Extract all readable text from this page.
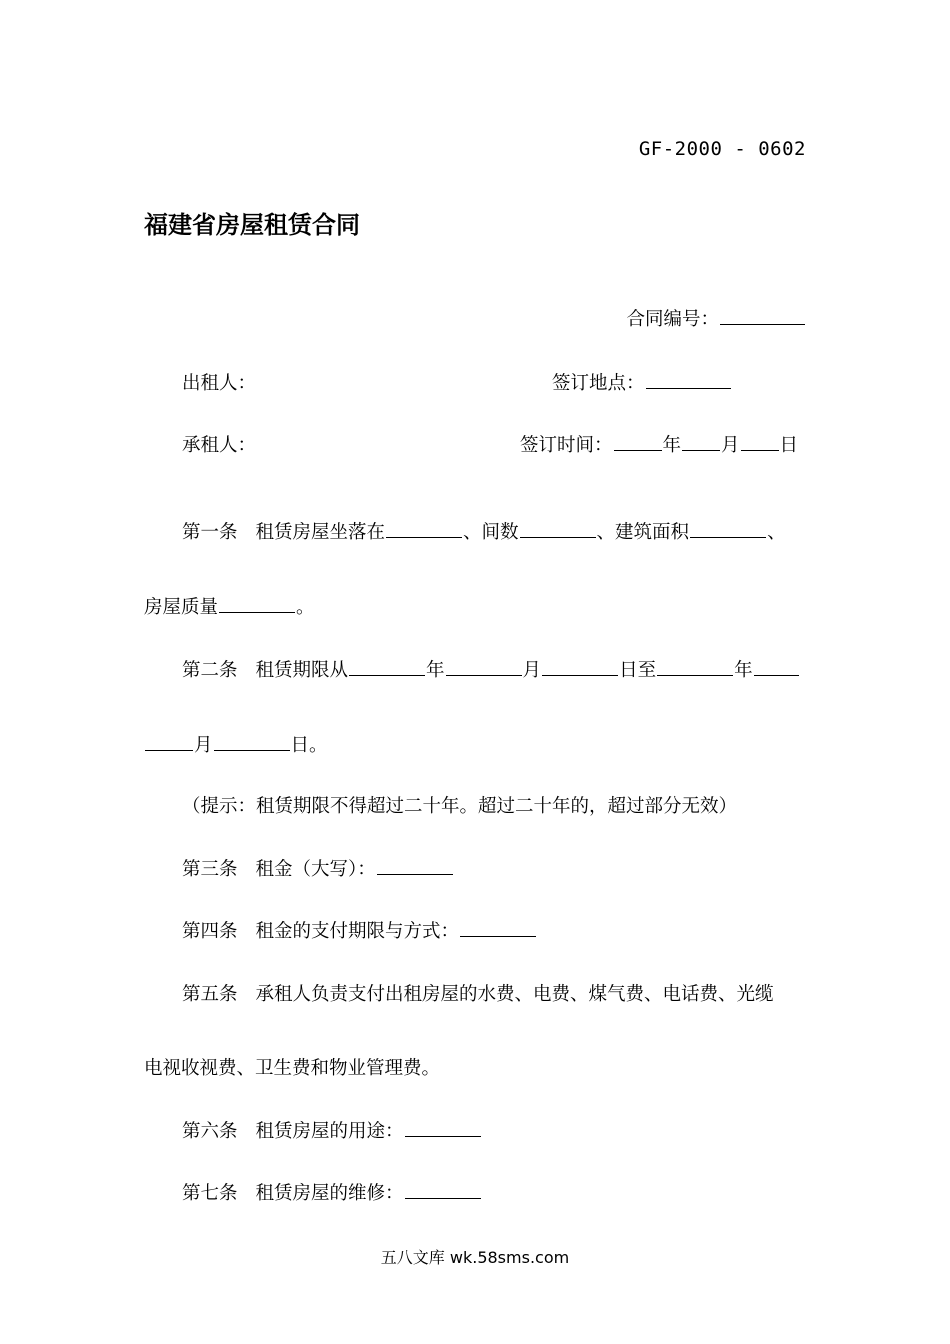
GF-2000 - 0602
福建省房屋租赁合同
合同编号：
出租人：	签订地点：
承租人：	签订时间：	年 月 日
第一条 租赁房屋坐落在	、间数	、建筑面积	、
房屋质量	。
第二条 租赁期限从	年	月	日至	年
月	日。
（提示：租赁期限不得超过二十年。超过二十年的，超过部分无效）
第三条 租金（大写）：
第四条 租金的支付期限与方式：
第五条 承租人负责支付出租房屋的水费、电费、煤气费、电话费、光缆
电视收视费、卫生费和物业管理费。
第六条 租赁房屋的用途：
第七条 租赁房屋的维修：
五八文库 wk.58sms.com
